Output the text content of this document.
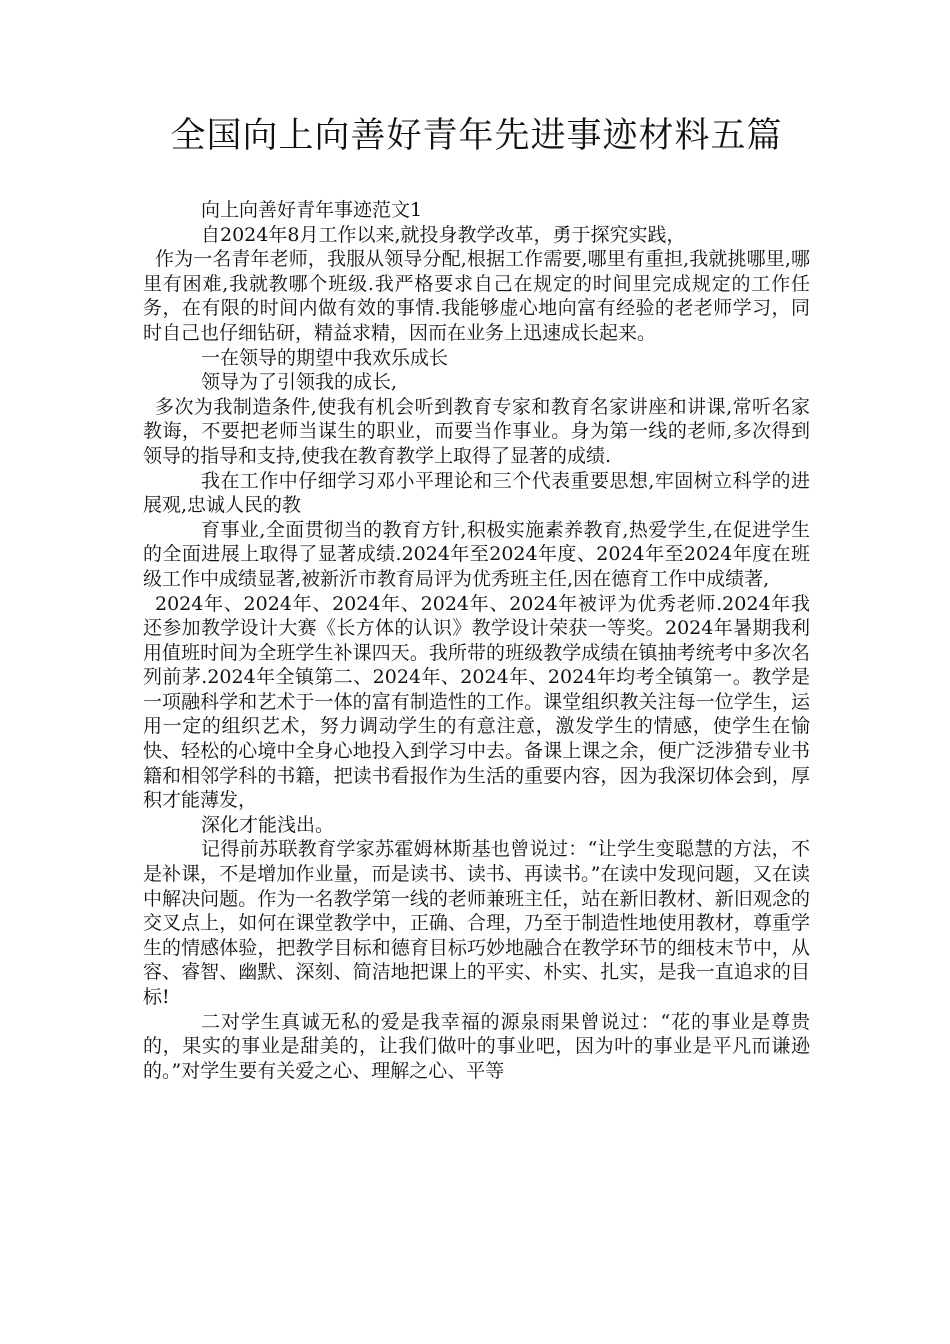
全国向上向善好青年先进事迹材料五篇

向上向善好青年事迹范文1

自2024年8月工作以来,就投身教学改革，勇于探究实践，

作为一名青年老师，我服从领导分配,根据工作需要,哪里有重担,我就挑哪里,哪里有困难,我就教哪个班级.我严格要求自己在规定的时间里完成规定的工作任务，在有限的时间内做有效的事情.我能够虚心地向富有经验的老老师学习，同时自己也仔细钻研，精益求精，因而在业务上迅速成长起来。

一在领导的期望中我欢乐成长

领导为了引领我的成长,

多次为我制造条件,使我有机会听到教育专家和教育名家讲座和讲课,常听名家教诲，不要把老师当谋生的职业，而要当作事业。身为第一线的老师,多次得到领导的指导和支持,使我在教育教学上取得了显著的成绩.

我在工作中仔细学习邓小平理论和三个代表重要思想,牢固树立科学的进展观,忠诚人民的教

育事业,全面贯彻当的教育方针,积极实施素养教育,热爱学生,在促进学生的全面进展上取得了显著成绩.2024年至2024年度、2024年至2024年度在班级工作中成绩显著,被新沂市教育局评为优秀班主任,因在德育工作中成绩著,

2024年、2024年、2024年、2024年、2024年被评为优秀老师.2024年我还参加教学设计大赛《长方体的认识》教学设计荣获一等奖。2024年暑期我利用值班时间为全班学生补课四天。我所带的班级教学成绩在镇抽考统考中多次名列前茅.2024年全镇第二、2024年、2024年、2024年均考全镇第一。教学是一项融科学和艺术于一体的富有制造性的工作。课堂组织教关注每一位学生，运用一定的组织艺术，努力调动学生的有意注意，激发学生的情感，使学生在愉快、轻松的心境中全身心地投入到学习中去。备课上课之余，便广泛涉猎专业书籍和相邻学科的书籍，把读书看报作为生活的重要内容，因为我深切体会到，厚积才能薄发，

深化才能浅出。

记得前苏联教育学家苏霍姆林斯基也曾说过：“让学生变聪慧的方法，不是补课，不是增加作业量，而是读书、读书、再读书。”在读中发现问题，又在读中解决问题。作为一名教学第一线的老师兼班主任，站在新旧教材、新旧观念的交叉点上，如何在课堂教学中，正确、合理，乃至于制造性地使用教材，尊重学生的情感体验，把教学目标和德育目标巧妙地融合在教学环节的细枝末节中，从容、睿智、幽默、深刻、简洁地把课上的平实、朴实、扎实，是我一直追求的目标!

二对学生真诚无私的爱是我幸福的源泉雨果曾说过：“花的事业是尊贵的，果实的事业是甜美的，让我们做叶的事业吧，因为叶的事业是平凡而谦逊的。”对学生要有关爱之心、理解之心、平等
